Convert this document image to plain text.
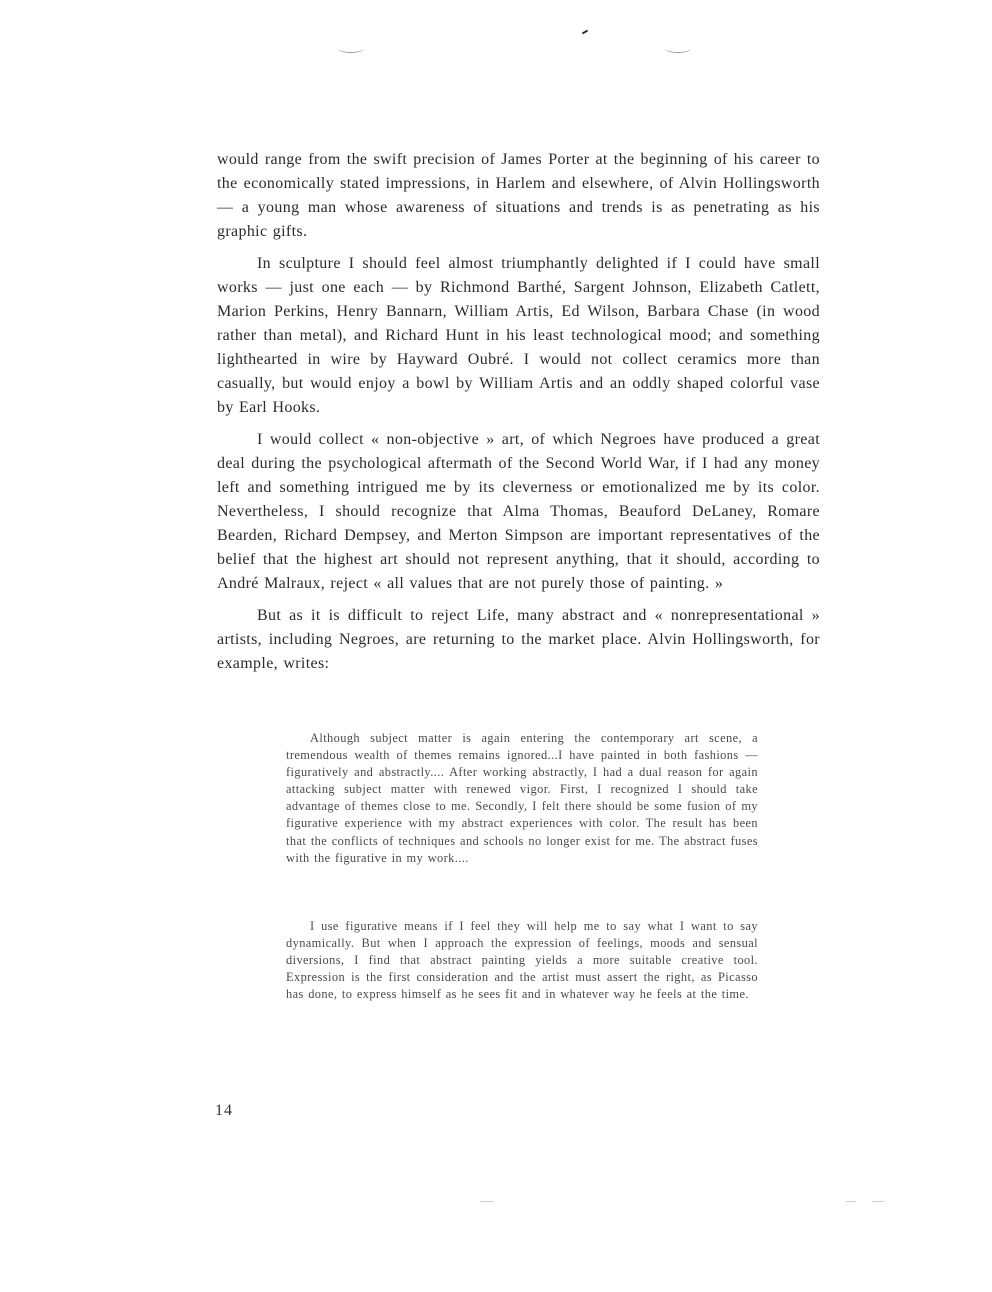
would range from the swift precision of James Porter at the beginning of his career to the economically stated impressions, in Harlem and elsewhere, of Alvin Hollingsworth — a young man whose awareness of situations and trends is as penetrating as his graphic gifts.

In sculpture I should feel almost triumphantly delighted if I could have small works — just one each — by Richmond Barthé, Sargent Johnson, Elizabeth Catlett, Marion Perkins, Henry Bannarn, William Artis, Ed Wilson, Barbara Chase (in wood rather than metal), and Richard Hunt in his least technological mood; and something lighthearted in wire by Hayward Oubré. I would not collect ceramics more than casually, but would enjoy a bowl by William Artis and an oddly shaped colorful vase by Earl Hooks.

I would collect « non-objective » art, of which Negroes have produced a great deal during the psychological aftermath of the Second World War, if I had any money left and something intrigued me by its cleverness or emotionalized me by its color. Nevertheless, I should recognize that Alma Thomas, Beauford DeLaney, Romare Bearden, Richard Dempsey, and Merton Simpson are important representatives of the belief that the highest art should not represent anything, that it should, according to André Malraux, reject « all values that are not purely those of painting. »

But as it is difficult to reject Life, many abstract and « nonrepresentational » artists, including Negroes, are returning to the market place. Alvin Hollingsworth, for example, writes:

Although subject matter is again entering the contemporary art scene, a tremendous wealth of themes remains ignored...I have painted in both fashions — figuratively and abstractly.... After working abstractly, I had a dual reason for again attacking subject matter with renewed vigor. First, I recognized I should take advantage of themes close to me. Secondly, I felt there should be some fusion of my figurative experience with my abstract experiences with color. The result has been that the conflicts of techniques and schools no longer exist for me. The abstract fuses with the figurative in my work....

I use figurative means if I feel they will help me to say what I want to say dynamically. But when I approach the expression of feelings, moods and sensual diversions, I find that abstract painting yields a more suitable creative tool. Expression is the first consideration and the artist must assert the right, as Picasso has done, to express himself as he sees fit and in whatever way he feels at the time.

14
